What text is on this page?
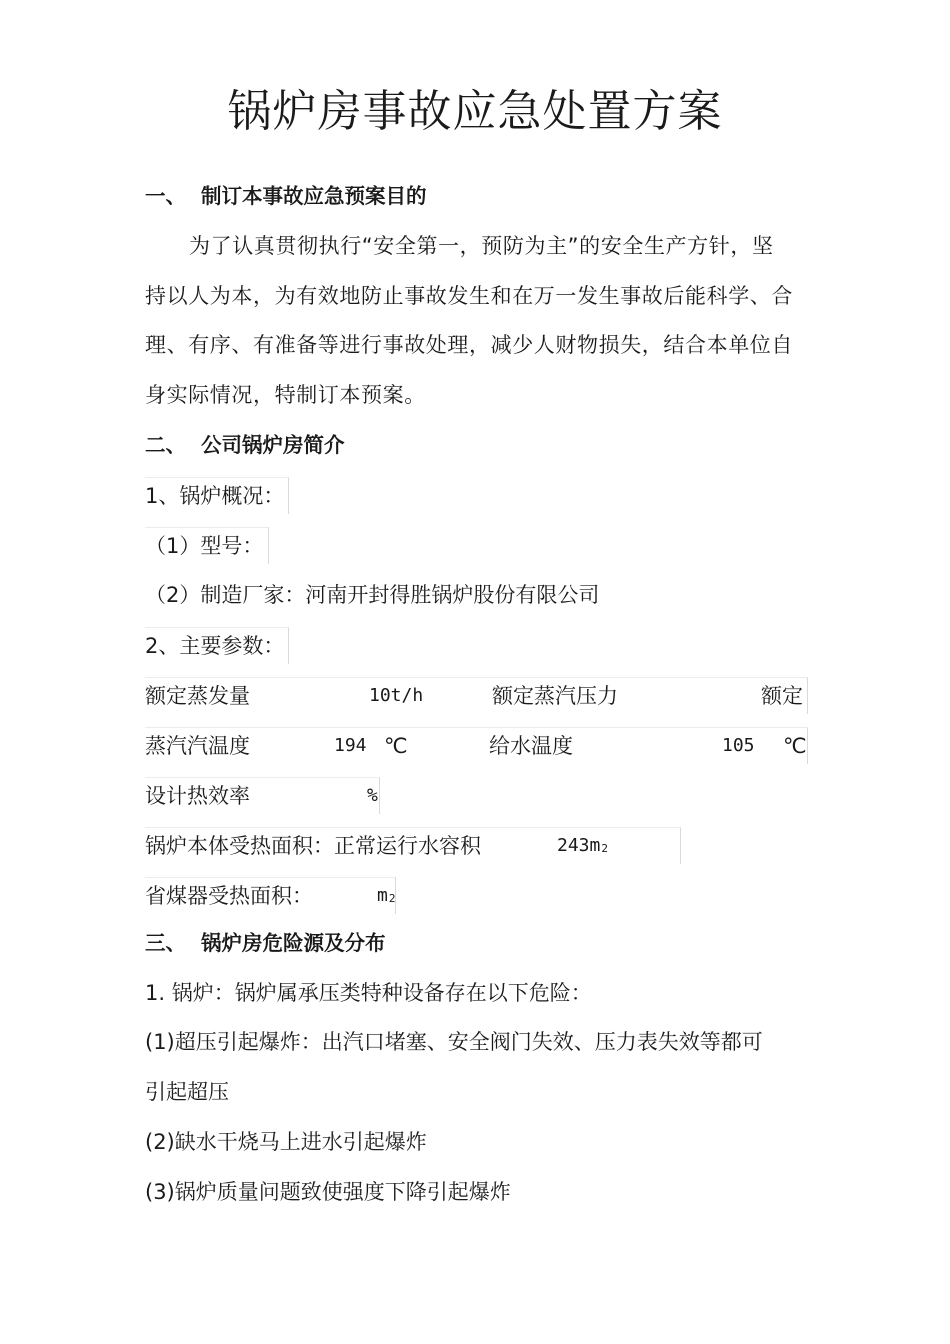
锅炉房事故应急处置方案
一、 制订本事故应急预案目的
为了认真贯彻执行“安全第一，预防为主”的安全生产方针，坚
持以人为本，为有效地防止事故发生和在万一发生事故后能科学、合
理、有序、有准备等进行事故处理，减少人财物损失，结合本单位自
身实际情况，特制订本预案。
二、 公司锅炉房简介
1、锅炉概况：
（1）型号：
（2）制造厂家：河南开封得胜锅炉股份有限公司
2、主要参数：
额定蒸发量	10t/h	额定蒸汽压力	额定
蒸汽汽温度	194 ℃	给水温度	105 ℃
设计热效率	%
锅炉本体受热面积：正常运行水容积	243m2
省煤器受热面积：	m2
三、 锅炉房危险源及分布
1. 锅炉：锅炉属承压类特种设备存在以下危险：
(1)超压引起爆炸：出汽口堵塞、安全阀门失效、压力表失效等都可
引起超压
(2)缺水干烧马上进水引起爆炸
(3)锅炉质量问题致使强度下降引起爆炸
